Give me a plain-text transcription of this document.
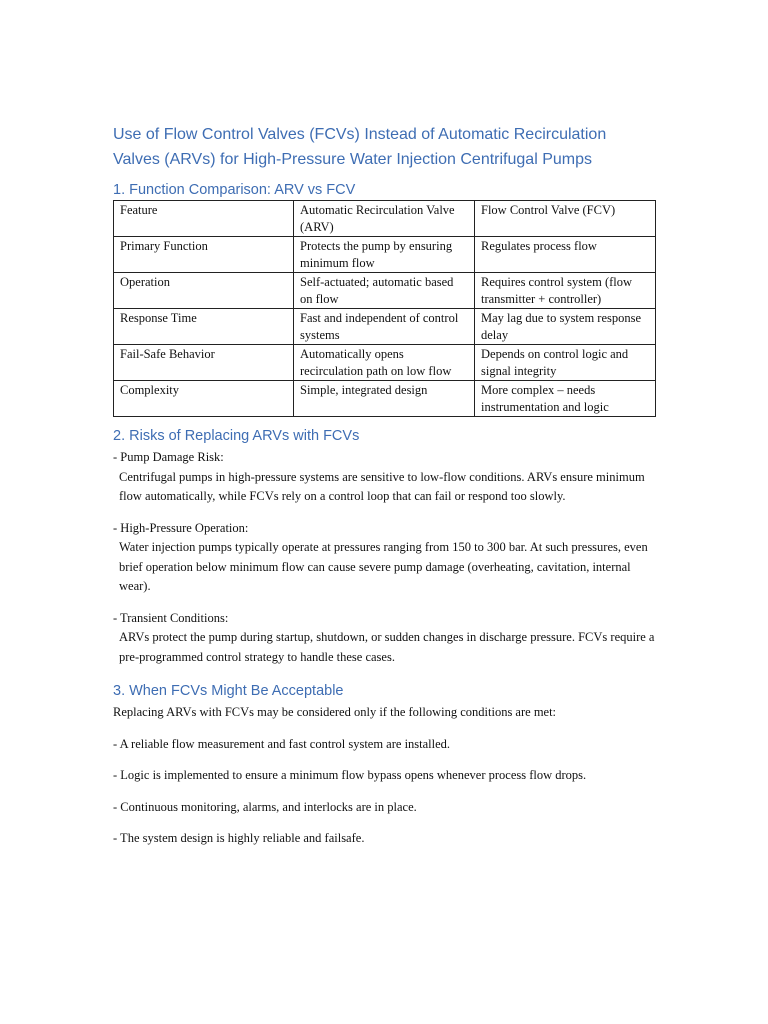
Use of Flow Control Valves (FCVs) Instead of Automatic Recirculation
Valves (ARVs) for High-Pressure Water Injection Centrifugal Pumps
1. Function Comparison: ARV vs FCV
Feature	Automatic Recirculation Valve (ARV)	Flow Control Valve (FCV)
Primary Function	Protects the pump by ensuring minimum flow	Regulates process flow
Operation	Self-actuated; automatic based on flow	Requires control system (flow transmitter + controller)
Response Time	Fast and independent of control systems	May lag due to system response delay
Fail-Safe Behavior	Automatically opens recirculation path on low flow	Depends on control logic and signal integrity
Complexity	Simple, integrated design	More complex – needs instrumentation and logic
2. Risks of Replacing ARVs with FCVs

- Pump Damage Risk:

Centrifugal pumps in high-pressure systems are sensitive to low-flow conditions. ARVs ensure minimum flow automatically, while FCVs rely on a control loop that can fail or respond too slowly.

- High-Pressure Operation:

Water injection pumps typically operate at pressures ranging from 150 to 300 bar. At such pressures, even brief operation below minimum flow can cause severe pump damage (overheating, cavitation, internal wear).

- Transient Conditions:

ARVs protect the pump during startup, shutdown, or sudden changes in discharge pressure. FCVs require a pre-programmed control strategy to handle these cases.

3. When FCVs Might Be Acceptable

Replacing ARVs with FCVs may be considered only if the following conditions are met:

- A reliable flow measurement and fast control system are installed.

- Logic is implemented to ensure a minimum flow bypass opens whenever process flow drops.

- Continuous monitoring, alarms, and interlocks are in place.

- The system design is highly reliable and failsafe.
